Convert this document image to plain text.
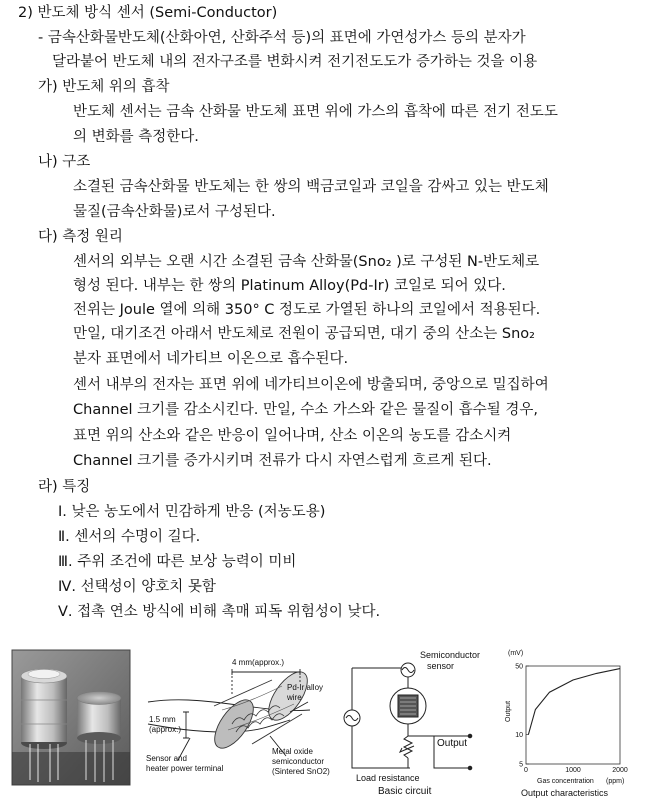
2) 반도체 방식 센서 (Semi-Conductor)
- 금속산화물반도체(산화아연, 산화주석 등)의 표면에 가연성가스 등의 분자가
달라붙어 반도체 내의 전자구조를 변화시켜 전기전도도가 증가하는 것을 이용
가) 반도체 위의 흡착
반도체 센서는 금속 산화물 반도체 표면 위에 가스의 흡착에 따른 전기 전도도
의 변화를 측정한다.
나) 구조
소결된 금속산화물 반도체는 한 쌍의 백금코일과 코일을 감싸고 있는 반도체
물질(금속산화물)로서 구성된다.
다) 측정 원리
센서의 외부는 오랜 시간 소결된 금속 산화물(Sno₂ )로 구성된 N-반도체로
형성 된다. 내부는 한 쌍의 Platinum Alloy(Pd-Ir) 코일로 되어 있다.
전위는 Joule 열에 의해 350° C 정도로 가열된 하나의 코일에서 적용된다.
만일, 대기조건 아래서 반도체로 전원이 공급되면, 대기 중의 산소는 Sno₂
분자 표면에서 네가티브 이온으로 흡수된다.
센서 내부의 전자는 표면 위에 네가티브이온에 방출되며, 중앙으로 밀집하여
Channel 크기를 감소시킨다. 만일, 수소 가스와 같은 물질이 흡수될 경우,
표면 위의 산소와 같은 반응이 일어나며, 산소 이온의 농도를 감소시켜
Channel 크기를 증가시키며 전류가 다시 자연스럽게 흐르게 된다.
라) 특징
Ⅰ. 낮은 농도에서 민감하게 반응 (저농도용)
Ⅱ. 센서의 수명이 길다.
Ⅲ. 주위 조건에 따른 보상 능력이 미비
Ⅳ. 선택성이 양호치 못함
Ⅴ. 접촉 연소 방식에 비해 촉매 피독 위험성이 낮다.
4 mm(approx.)
1.5 mm
(approx.)
Pd-Ir alloy
wire
Sensor and
heater power terminal
Metal oxide
semiconductor
(Sintered SnO2)
Semiconductor
sensor
Output
Load resistance
Basic circuit
0	1000	2000
5
10
50
(mV)
Output
Gas concentration (ppm)
Output characteristics
